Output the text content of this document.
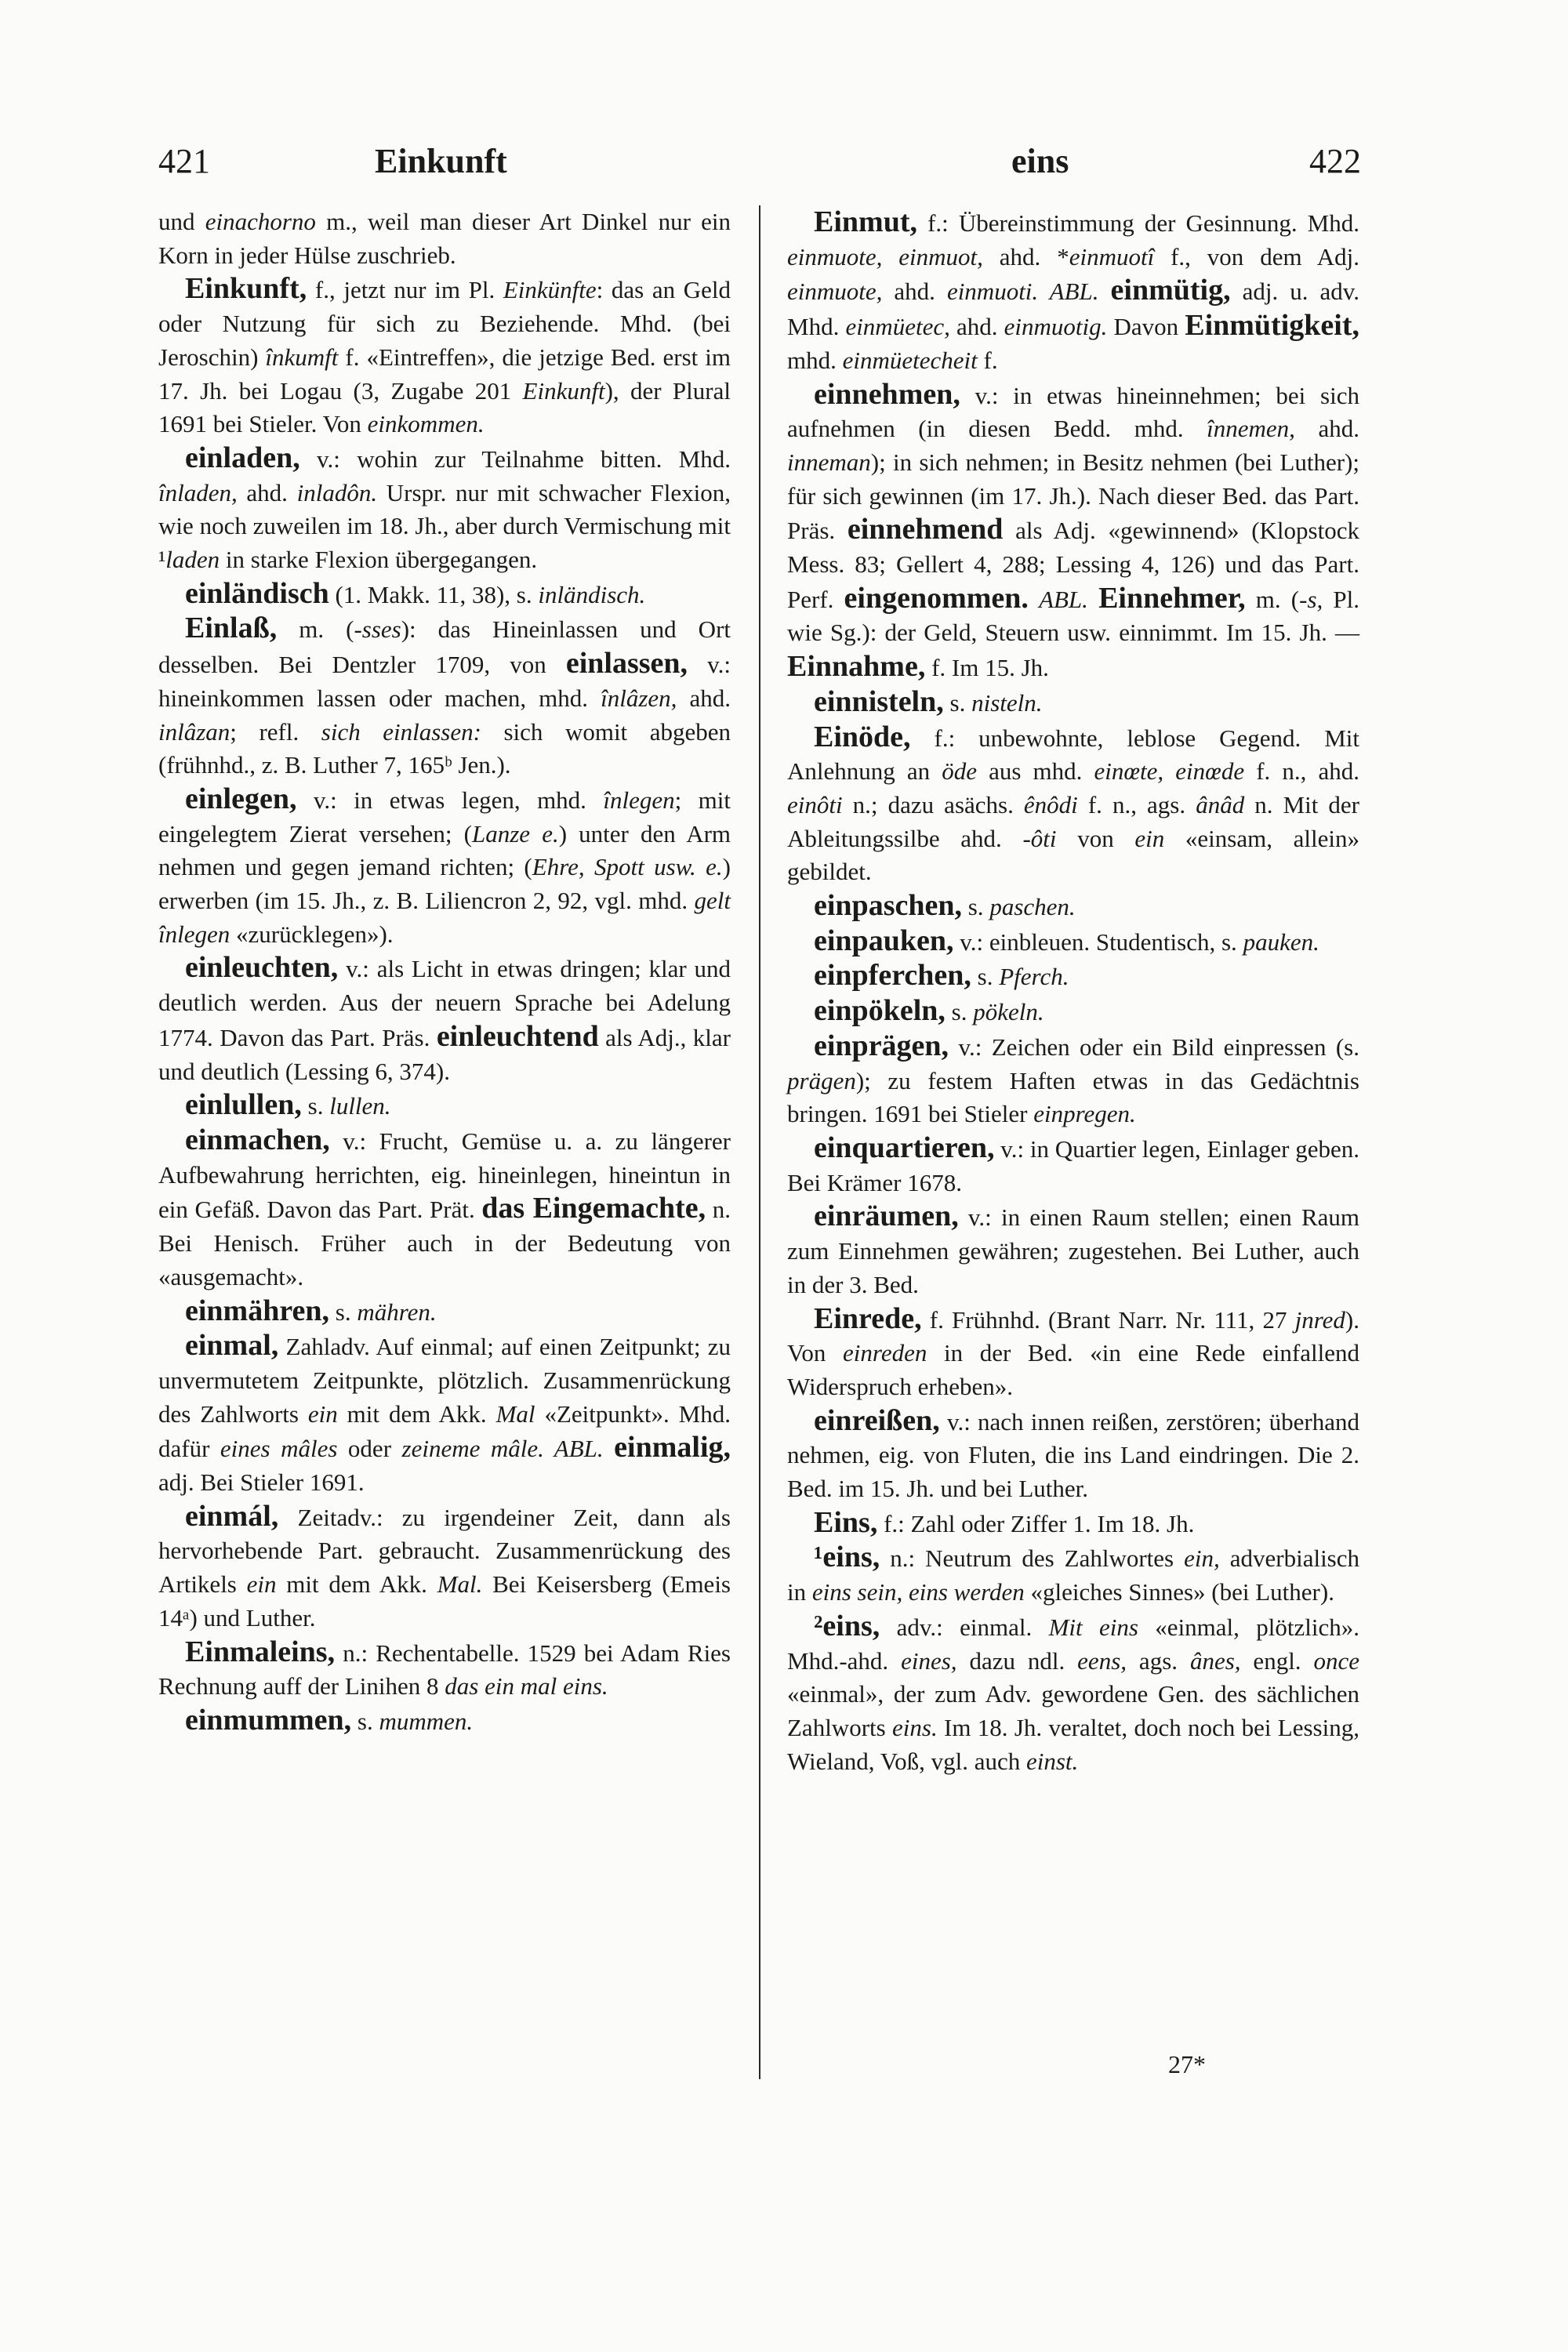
421	Einkunft	eins	422

und einachorno m., weil man dieser Art Dinkel nur ein Korn in jeder Hülse zuschrieb.

Einkunft, f., jetzt nur im Pl. Einkünfte: das an Geld oder Nutzung für sich zu Beziehende. Mhd. (bei Jeroschin) înkumft f. «Eintreffen», die jetzige Bed. erst im 17. Jh. bei Logau (3, Zugabe 201 Einkunft), der Plural 1691 bei Stieler. Von einkommen.

einladen, v.: wohin zur Teilnahme bitten. Mhd. înladen, ahd. inladôn. Urspr. nur mit schwacher Flexion, wie noch zuweilen im 18. Jh., aber durch Vermischung mit ¹laden in starke Flexion übergegangen.

einländisch (1. Makk. 11, 38), s. inländisch.

Einlaß, m. (-sses): das Hineinlassen und Ort desselben. Bei Dentzler 1709, von einlassen, v.: hineinkommen lassen oder machen, mhd. înlâzen, ahd. inlâzan; refl. sich einlassen: sich womit abgeben (frühnhd., z. B. Luther 7, 165ᵇ Jen.).

einlegen, v.: in etwas legen, mhd. înlegen; mit eingelegtem Zierat versehen; (Lanze e.) unter den Arm nehmen und gegen jemand richten; (Ehre, Spott usw. e.) erwerben (im 15. Jh., z. B. Liliencron 2, 92, vgl. mhd. gelt înlegen «zurücklegen»).

einleuchten, v.: als Licht in etwas dringen; klar und deutlich werden. Aus der neuern Sprache bei Adelung 1774. Davon das Part. Präs. einleuchtend als Adj., klar und deutlich (Lessing 6, 374).

einlullen, s. lullen.

einmachen, v.: Frucht, Gemüse u. a. zu längerer Aufbewahrung herrichten, eig. hineinlegen, hineintun in ein Gefäß. Davon das Part. Prät. das Eingemachte, n. Bei Henisch. Früher auch in der Bedeutung von «ausgemacht».

einmähren, s. mähren.

einmal, Zahladv. Auf einmal; auf einen Zeitpunkt; zu unvermutetem Zeitpunkte, plötzlich. Zusammenrückung des Zahlworts ein mit dem Akk. Mal «Zeitpunkt». Mhd. dafür eines mâles oder zeineme mâle. ABL. einmalig, adj. Bei Stieler 1691.

einmál, Zeitadv.: zu irgendeiner Zeit, dann als hervorhebende Part. gebraucht. Zusammenrückung des Artikels ein mit dem Akk. Mal. Bei Keisersberg (Emeis 14ᵃ) und Luther.

Einmaleins, n.: Rechentabelle. 1529 bei Adam Ries Rechnung auff der Linihen 8 das ein mal eins.

einmummen, s. mummen.

Einmut, f.: Übereinstimmung der Gesinnung. Mhd. einmuote, einmuot, ahd. *einmuotî f., von dem Adj. einmuote, ahd. einmuoti. ABL. einmütig, adj. u. adv. Mhd. einmüetec, ahd. einmuotig. Davon Einmütigkeit, mhd. einmüetecheit f.

einnehmen, v.: in etwas hineinnehmen; bei sich aufnehmen (in diesen Bedd. mhd. înnemen, ahd. inneman); in sich nehmen; in Besitz nehmen (bei Luther); für sich gewinnen (im 17. Jh.). Nach dieser Bed. das Part. Präs. einnehmend als Adj. «gewinnend» (Klopstock Mess. 83; Gellert 4, 288; Lessing 4, 126) und das Part. Perf. eingenommen. ABL. Einnehmer, m. (-s, Pl. wie Sg.): der Geld, Steuern usw. einnimmt. Im 15. Jh. — Einnahme, f. Im 15. Jh.

einnisteln, s. nisteln.

Einöde, f.: unbewohnte, leblose Gegend. Mit Anlehnung an öde aus mhd. einœte, einœde f. n., ahd. einôti n.; dazu asächs. ênôdi f. n., ags. ânâd n. Mit der Ableitungssilbe ahd. -ôti von ein «einsam, allein» gebildet.

einpaschen, s. paschen.

einpauken, v.: einbleuen. Studentisch, s. pauken.

einpferchen, s. Pferch.

einpökeln, s. pökeln.

einprägen, v.: Zeichen oder ein Bild einpressen (s. prägen); zu festem Haften etwas in das Gedächtnis bringen. 1691 bei Stieler einpregen.

einquartieren, v.: in Quartier legen, Einlager geben. Bei Krämer 1678.

einräumen, v.: in einen Raum stellen; einen Raum zum Einnehmen gewähren; zugestehen. Bei Luther, auch in der 3. Bed.

Einrede, f. Frühnhd. (Brant Narr. Nr. 111, 27 jnred). Von einreden in der Bed. «in eine Rede einfallend Widerspruch erheben».

einreißen, v.: nach innen reißen, zerstören; überhand nehmen, eig. von Fluten, die ins Land eindringen. Die 2. Bed. im 15. Jh. und bei Luther.

Eins, f.: Zahl oder Ziffer 1. Im 18. Jh.

¹eins, n.: Neutrum des Zahlwortes ein, adverbialisch in eins sein, eins werden «gleiches Sinnes» (bei Luther).

²eins, adv.: einmal. Mit eins «einmal, plötzlich». Mhd.-ahd. eines, dazu ndl. eens, ags. ânes, engl. once «einmal», der zum Adv. gewordene Gen. des sächlichen Zahlworts eins. Im 18. Jh. veraltet, doch noch bei Lessing, Wieland, Voß, vgl. auch einst.

27*
